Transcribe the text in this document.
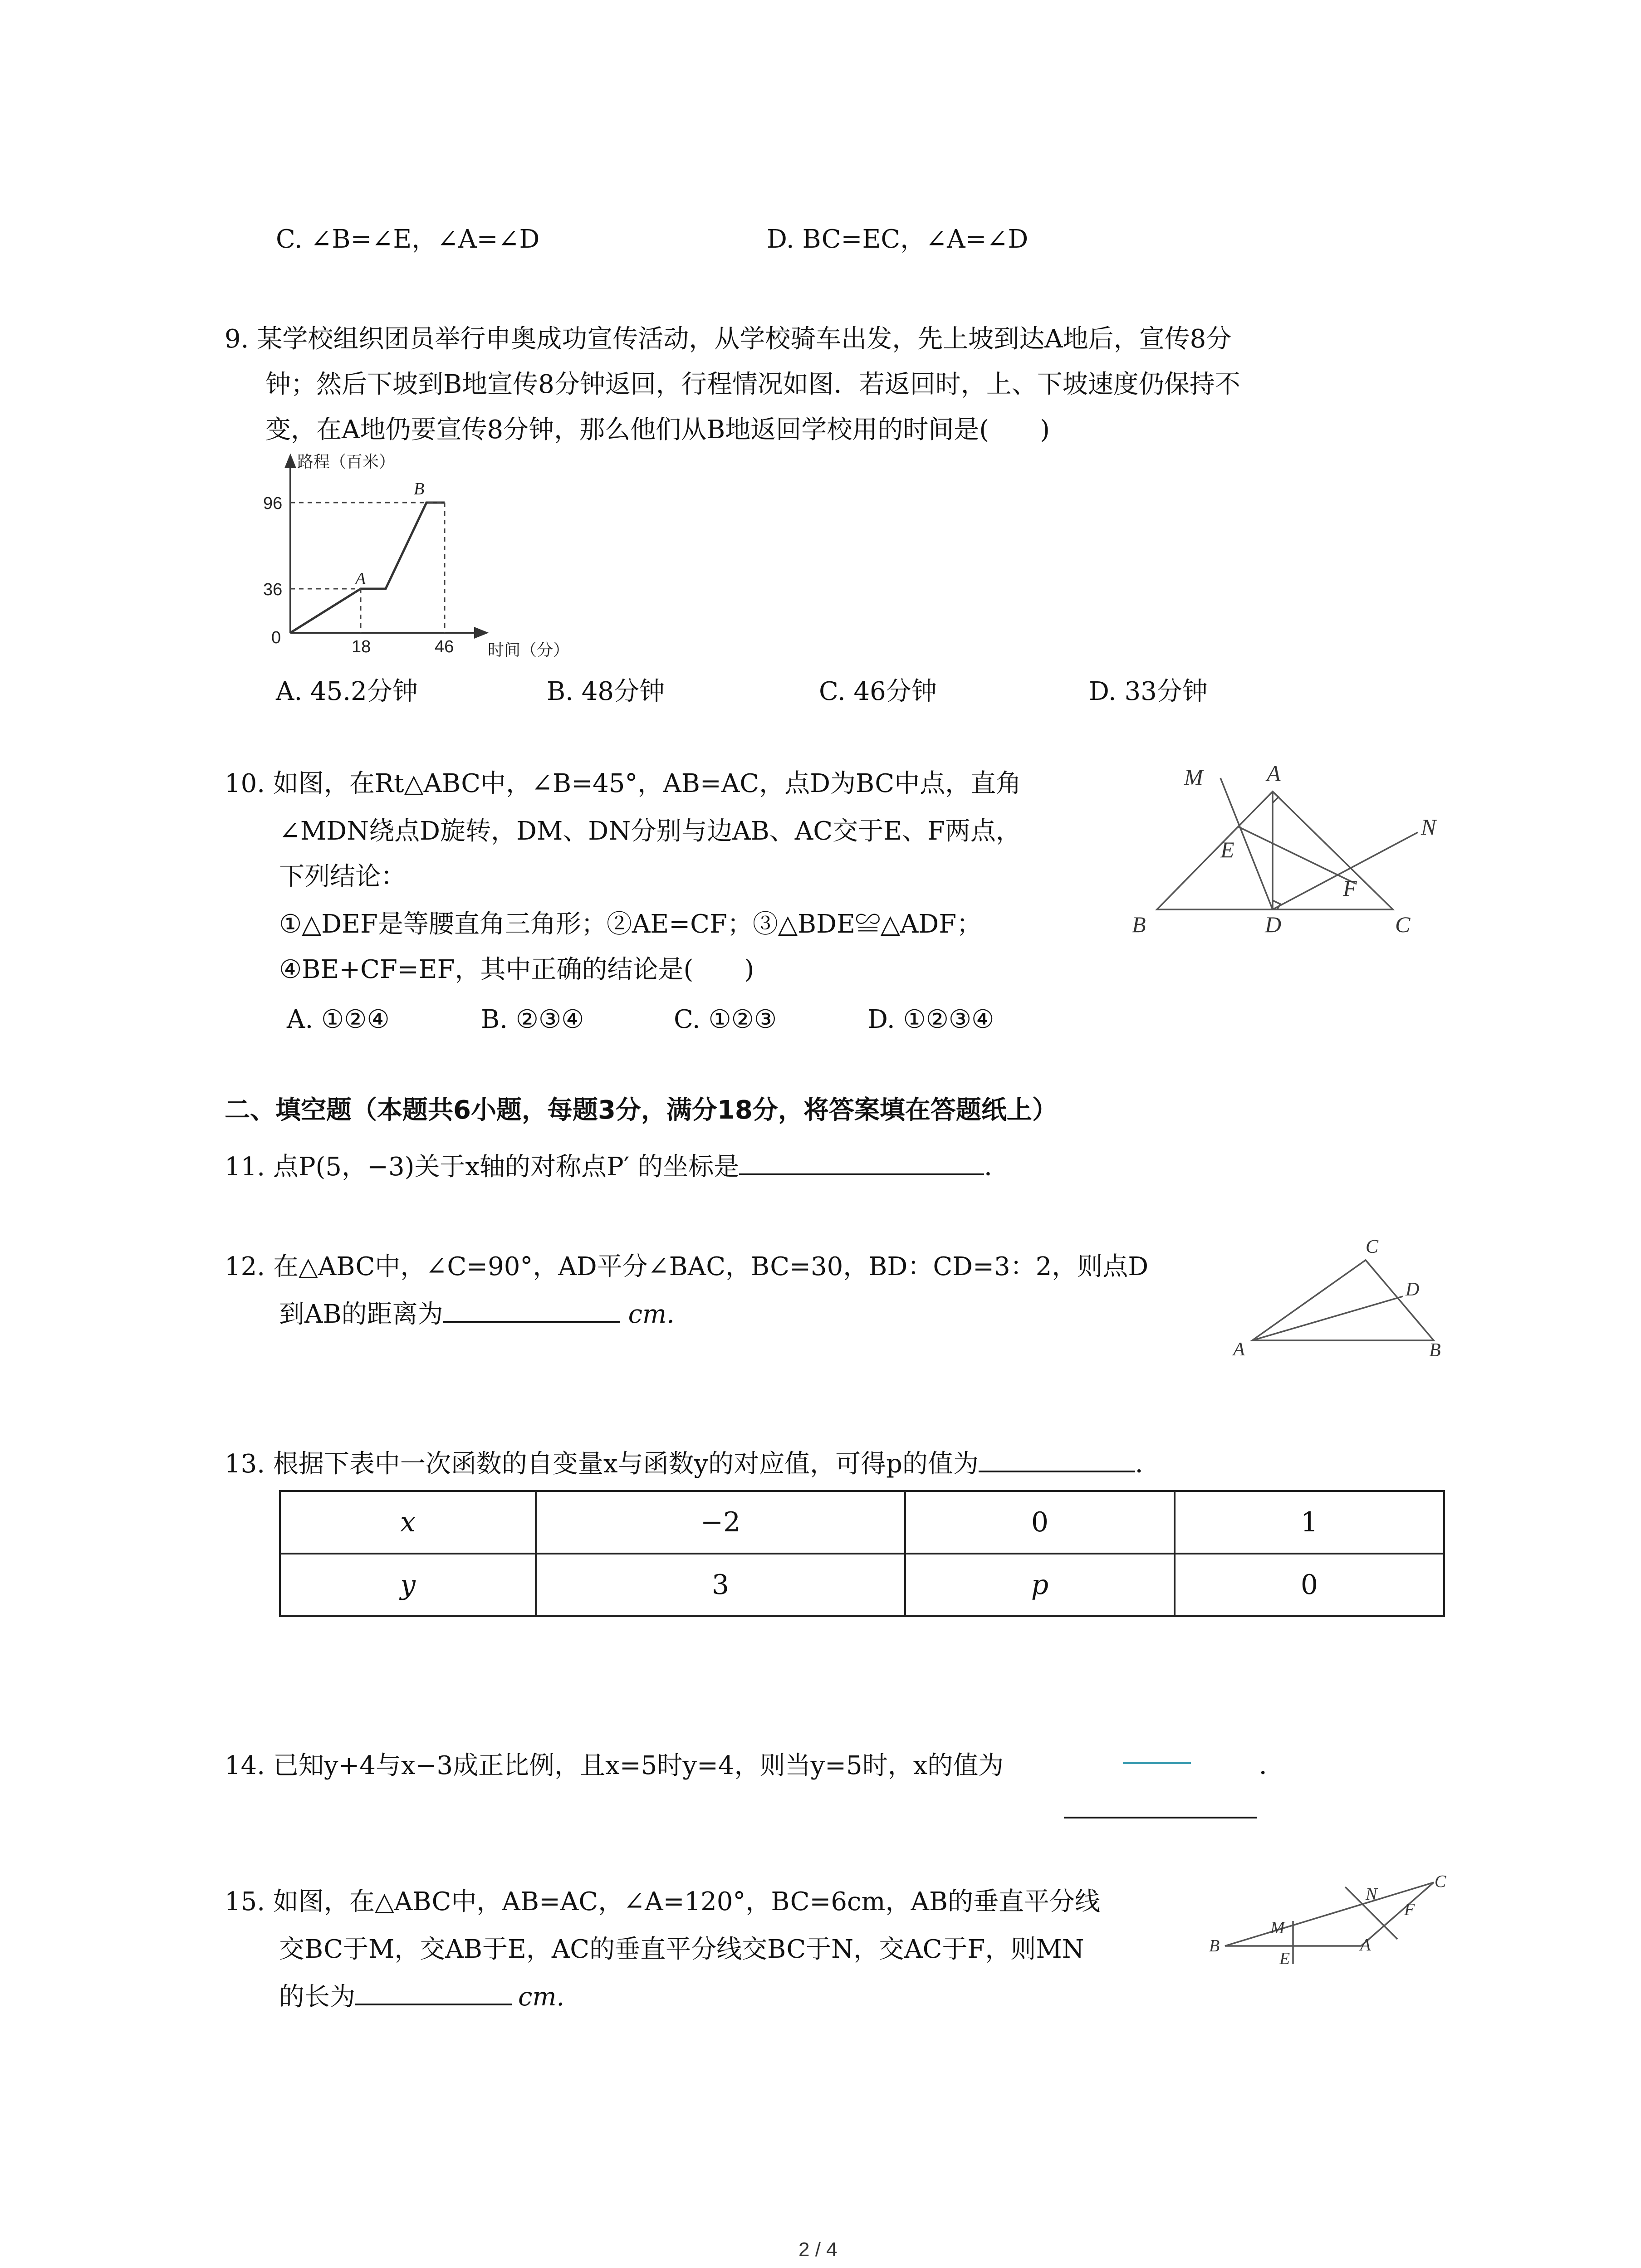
C. ∠B=∠E，∠A=∠D	D. BC=EC，∠A=∠D
9. 某学校组织团员举行申奥成功宣传活动，从学校骑车出发，先上坡到达A地后，宣传8分
钟；然后下坡到B地宣传8分钟返回，行程情况如图．若返回时，上、下坡速度仍保持不
变，在A地仍要宣传8分钟，那么他们从B地返回学校用的时间是(　　)
路程（百米）
时间（分）
0
36
96
18	46
A
B
A. 45.2分钟	B. 48分钟	C. 46分钟	D. 33分钟
10. 如图，在Rt△ABC中，∠B=45°，AB=AC，点D为BC中点，直角
∠MDN绕点D旋转，DM、DN分别与边AB、AC交于E、F两点，
下列结论：
①△DEF是等腰直角三角形；②AE=CF；③△BDE≌△ADF；
④BE+CF=EF，其中正确的结论是(　　)
A. ①②④	B. ②③④	C. ①②③	D. ①②③④
M	A
N
E
F
B	D	C
二、填空题（本题共6小题，每题3分，满分18分，将答案填在答题纸上）
11. 点P(5，−3)关于x轴的对称点P′ 的坐标是	．
12. 在△ABC中，∠C=90°，AD平分∠BAC，BC=30，BD：CD=3：2，则点D
到AB的距离为	cm.
C
D
A	B
13. 根据下表中一次函数的自变量x与函数y的对应值，可得p的值为	．
x	−2	0	1
y	3	p	0
14. 已知y+4与x−3成正比例，且x=5时y=4，则当y=5时，x的值为	．
15. 如图，在△ABC中，AB=AC，∠A=120°，BC=6cm，AB的垂直平分线
交BC于M，交AB于E，AC的垂直平分线交BC于N，交AC于F，则MN
的长为	cm.
N
C
F
M
B
E
A
2 / 4
